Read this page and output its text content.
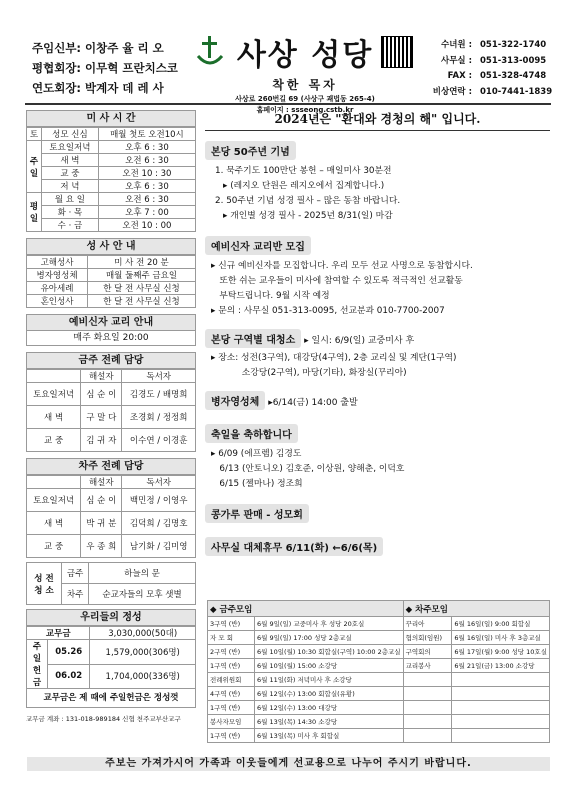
주임신부: 이창주 율 리 오
평협회장: 이무혁 프란치스코
연도회장: 박계자 데 레 사
사상 성당
착한 목자
사상로 260번길 69 (사상구 괘법동 265-4)
홈페이지 : ssseong.cstb.kr
수녀원 : 051-322-1740
사무실 : 051-313-0095
FAX : 051-328-4748
비상연락 : 010-7441-1839
미 사 시 간
토	성모 신심	매월 첫토 오전10시
주일	토요일저녁	오후 6 : 30
	새 벽	오전 6 : 30
	교 중	오전 10 : 30
	저 녁	오후 6 : 30
평일	월 요 일	오전 6 : 30
	화 · 목	오후 7 : 00
	수 · 금	오전 10 : 00
성 사 안 내
고해성사	미 사 전 20 분
병자영성체	매월 둘째주 금요일
유아세례	한 달 전 사무실 신청
혼인성사	한 달 전 사무실 신청
예비신자 교리 안내
매주 화요일 20:00
금주 전례 담당
	해설자	독서자
토요일저녁	심 순 이	김경도 / 배명희
새 벽	구 말 다	조경회 / 정정희
교 중	김 귀 자	이수연 / 이경훈
차주 전례 담당
	해설자	독서자
토요일저녁	심 순 이	백민정 / 이영우
새 벽	박 귀 분	김덕희 / 김명호
교 중	우 종 희	남기화 / 김미영
성 전 청 소	금주	하늘의 문
	차주	순교자들의 모후 샛별
우리들의 정성
교무금		3,030,000(50대)
주일 헌금	05.26	1,579,000(306명)
	06.02	1,704,000(336명)
교무금은 제 때에 주일헌금은 정성껏
교무금 계좌 : 131-018-989184 신협 천주교부산교구
2024년은 "환대와 경청의 해" 입니다.
본당 50주년 기념
1. 묵주기도 100만단 봉헌 – 매일미사 30분전
▸ (레지오 단원은 레지오에서 집계합니다.)
2. 50주년 기념 성경 필사 – 많은 동참 바랍니다.
▸ 개인별 성경 필사 - 2025년 8/31(일) 마감
예비신자 교리반 모집
▸ 신규 예비신자를 모집합니다. 우리 모두 선교 사명으로 동참합시다.
또한 쉬는 교우들이 미사에 참여할 수 있도록 적극적인 선교활동
부탁드립니다. 9월 시작 예정
▸ 문의 : 사무실 051-313-0095, 선교분과 010-7700-2007
본당 구역별 대청소 ▸ 일시: 6/9(일) 교중미사 후
▸ 장소: 성전(3구역), 대강당(4구역), 2층 교리실 및 계단(1구역)
소강당(2구역), 마당(기타), 화장실(꾸리아)
병자영성체 ▸6/14(금) 14:00 출발
축일을 축하합니다
▸ 6/09 (에프렘) 김경도
6/13 (안토니오) 김호준, 이상원, 양해춘, 이덕호
6/15 (젤마나) 정조희
콩가루 판매 - 성모회
사무실 대체휴무 6/11(화) ←6/6(목)
◆ 금주모임		◆ 차주모임	
3구역 (반)	6월 9일(일) 교중미사 후 성당 20호실	꾸리아	6월 16일(일) 9:00 회합실
자 모 회	6월 9일(일) 17:00 성당 2층교실	협의회(임원)	6월 16일(일) 미사 후 3층교실
2구역 (반)	6월 10일(월) 10:30 회합실(구역) 10:00 2층교실	구역회의	6월 17일(월) 9:00 성당 10호실
1구역 (반)	6월 10일(월) 15:00 소강당	교리봉사	6월 21일(금) 13:00 소강당
전례위원회	6월 11일(화) 저녁미사 후 소강당		
4구역 (반)	6월 12일(수) 13:00 회합실(유황)		
1구역 (반)	6월 12일(수) 13:00 대강당		
봉사자모임	6월 13일(목) 14:30 소강당		
1구역 (반)	6월 13일(목) 미사 후 회합실		
주보는 가져가시어 가족과 이웃들에게 선교용으로 나누어 주시기 바랍니다.
